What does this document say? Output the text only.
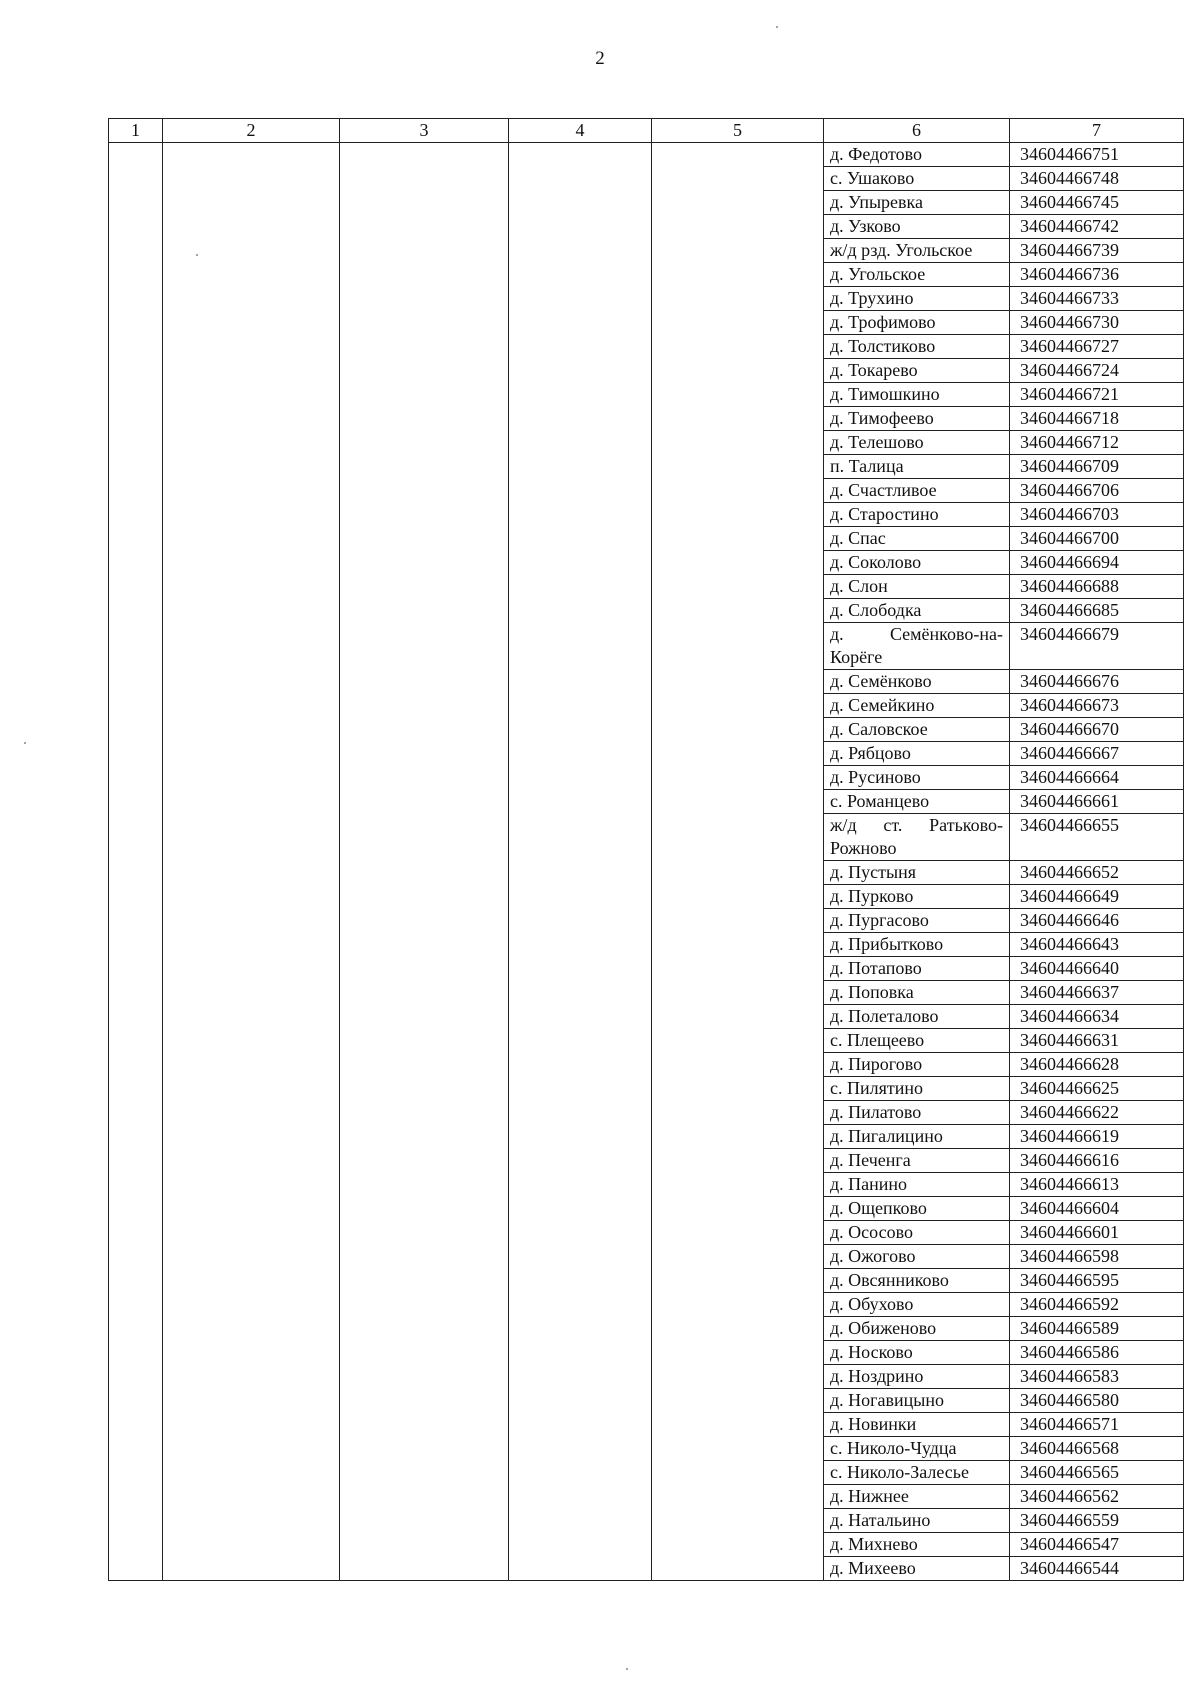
2
1	2	3	4	5	6	7
					д. Федотово	34604466751
					с. Ушаково	34604466748
					д. Упыревка	34604466745
					д. Узково	34604466742
					ж/д рзд. Угольское	34604466739
					д. Угольское	34604466736
					д. Трухино	34604466733
					д. Трофимово	34604466730
					д. Толстиково	34604466727
					д. Токарево	34604466724
					д. Тимошкино	34604466721
					д. Тимофеево	34604466718
					д. Телешово	34604466712
					п. Талица	34604466709
					д. Счастливое	34604466706
					д. Старостино	34604466703
					д. Спас	34604466700
					д. Соколово	34604466694
					д. Слон	34604466688
					д. Слободка	34604466685
					д. Семёнково-на-Корёге	34604466679
					д. Семёнково	34604466676
					д. Семейкино	34604466673
					д. Саловское	34604466670
					д. Рябцово	34604466667
					д. Русиново	34604466664
					с. Романцево	34604466661
					ж/д ст. Ратьково-Рожново	34604466655
					д. Пустыня	34604466652
					д. Пурково	34604466649
					д. Пургасово	34604466646
					д. Прибытково	34604466643
					д. Потапово	34604466640
					д. Поповка	34604466637
					д. Полеталово	34604466634
					с. Плещеево	34604466631
					д. Пирогово	34604466628
					с. Пилятино	34604466625
					д. Пилатово	34604466622
					д. Пигалицино	34604466619
					д. Печенга	34604466616
					д. Панино	34604466613
					д. Ощепково	34604466604
					д. Ососово	34604466601
					д. Ожогово	34604466598
					д. Овсянниково	34604466595
					д. Обухово	34604466592
					д. Обиженово	34604466589
					д. Носково	34604466586
					д. Ноздрино	34604466583
					д. Ногавицыно	34604466580
					д. Новинки	34604466571
					с. Николо-Чудца	34604466568
					с. Николо-Залесье	34604466565
					д. Нижнее	34604466562
					д. Натальино	34604466559
					д. Михнево	34604466547
					д. Михеево	34604466544
